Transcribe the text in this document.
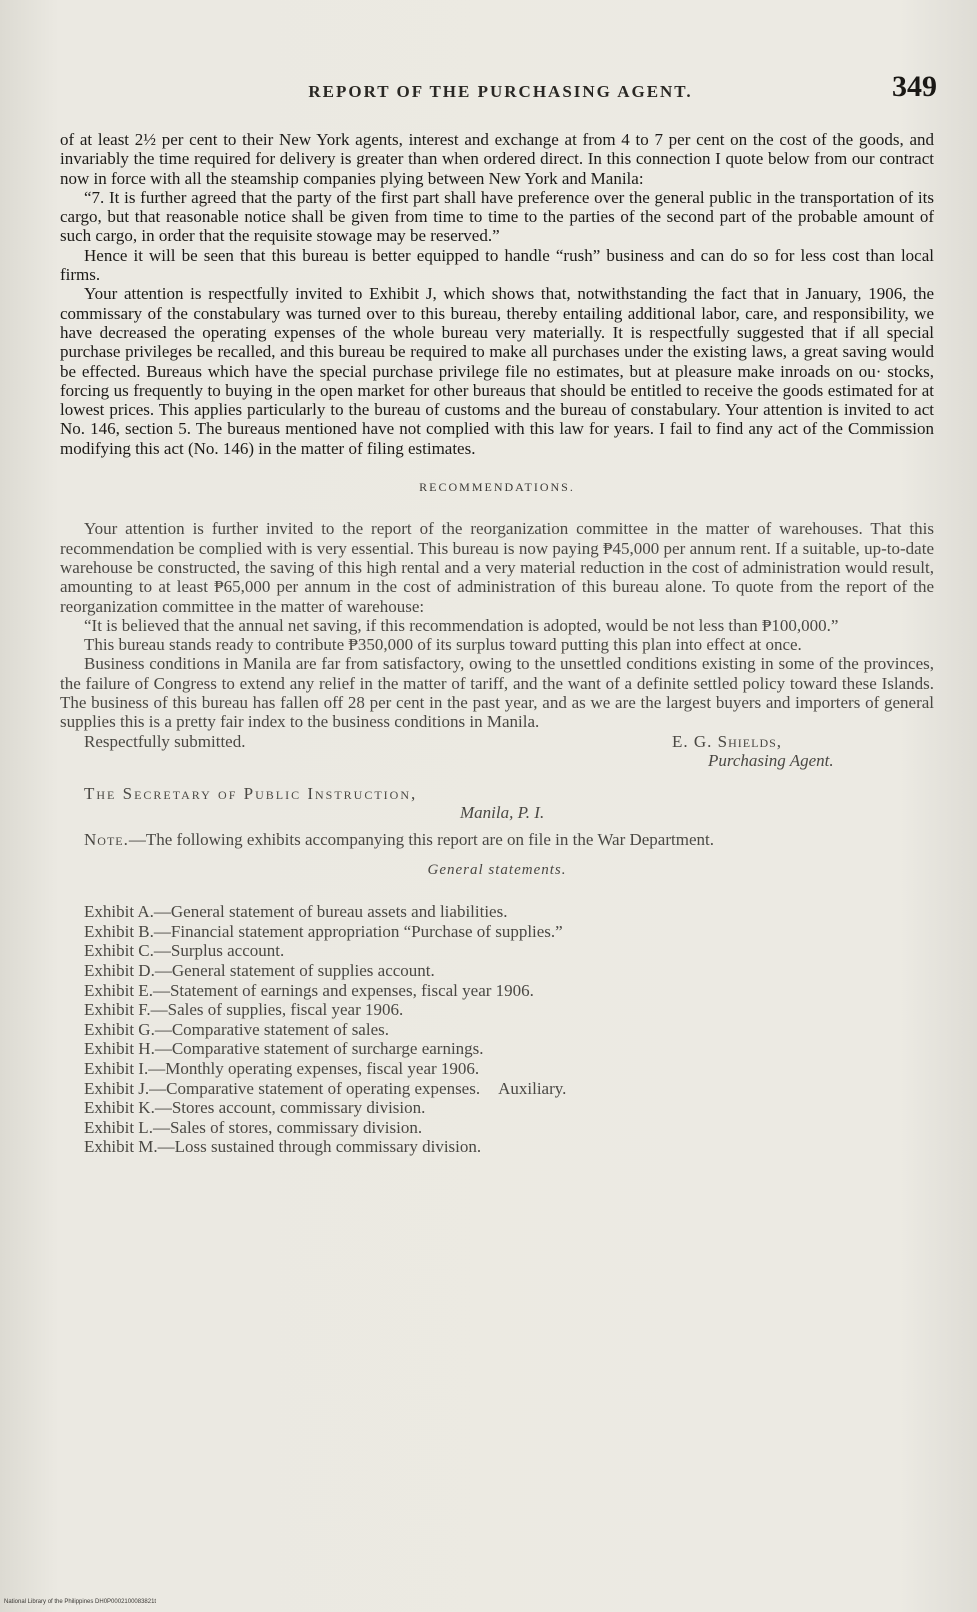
REPORT OF THE PURCHASING AGENT.	349

of at least 2½ per cent to their New York agents, interest and exchange at from 4 to 7 per cent on the cost of the goods, and invariably the time required for delivery is greater than when ordered direct. In this connection I quote below from our contract now in force with all the steamship companies plying between New York and Manila:

“7. It is further agreed that the party of the first part shall have preference over the general public in the transportation of its cargo, but that reasonable notice shall be given from time to time to the parties of the second part of the probable amount of such cargo, in order that the requisite stowage may be reserved.”

Hence it will be seen that this bureau is better equipped to handle “rush” business and can do so for less cost than local firms.

Your attention is respectfully invited to Exhibit J, which shows that, notwithstanding the fact that in January, 1906, the commissary of the constabulary was turned over to this bureau, thereby entailing additional labor, care, and responsibility, we have decreased the operating expenses of the whole bureau very materially. It is respectfully suggested that if all special purchase privileges be recalled, and this bureau be required to make all purchases under the existing laws, a great saving would be effected. Bureaus which have the special purchase privilege file no estimates, but at pleasure make inroads on ou· stocks, forcing us frequently to buying in the open market for other bureaus that should be entitled to receive the goods estimated for at lowest prices. This applies particularly to the bureau of customs and the bureau of constabulary. Your attention is invited to act No. 146, section 5. The bureaus mentioned have not complied with this law for years. I fail to find any act of the Commission modifying this act (No. 146) in the matter of filing estimates.

RECOMMENDATIONS.

Your attention is further invited to the report of the reorganization committee in the matter of warehouses. That this recommendation be complied with is very essential. This bureau is now paying ₱45,000 per annum rent. If a suitable, up-to-date warehouse be constructed, the saving of this high rental and a very material reduction in the cost of administration would result, amounting to at least ₱65,000 per annum in the cost of administration of this bureau alone. To quote from the report of the reorganization committee in the matter of warehouse:

“It is believed that the annual net saving, if this recommendation is adopted, would be not less than ₱100,000.”

This bureau stands ready to contribute ₱350,000 of its surplus toward putting this plan into effect at once.

Business conditions in Manila are far from satisfactory, owing to the unsettled conditions existing in some of the provinces, the failure of Congress to extend any relief in the matter of tariff, and the want of a definite settled policy toward these Islands. The business of this bureau has fallen off 28 per cent in the past year, and as we are the largest buyers and importers of general supplies this is a pretty fair index to the business conditions in Manila.

Respectfully submitted.	E. G. Shields,
Purchasing Agent.
The Secretary of Public Instruction,
Manila, P. I.

Note.—The following exhibits accompanying this report are on file in the War Department.

General statements.
Exhibit A.—General statement of bureau assets and liabilities.
Exhibit B.—Financial statement appropriation “Purchase of supplies.”
Exhibit C.—Surplus account.
Exhibit D.—General statement of supplies account.
Exhibit E.—Statement of earnings and expenses, fiscal year 1906.
Exhibit F.—Sales of supplies, fiscal year 1906.
Exhibit G.—Comparative statement of sales.
Exhibit H.—Comparative statement of surcharge earnings.
Exhibit I.—Monthly operating expenses, fiscal year 1906.
Exhibit J.—Comparative statement of operating expenses. Auxiliary.
Exhibit K.—Stores account, commissary division.
Exhibit L.—Sales of stores, commissary division.
Exhibit M.—Loss sustained through commissary division.
National Library of the Philippines DH0P0002100083821t
